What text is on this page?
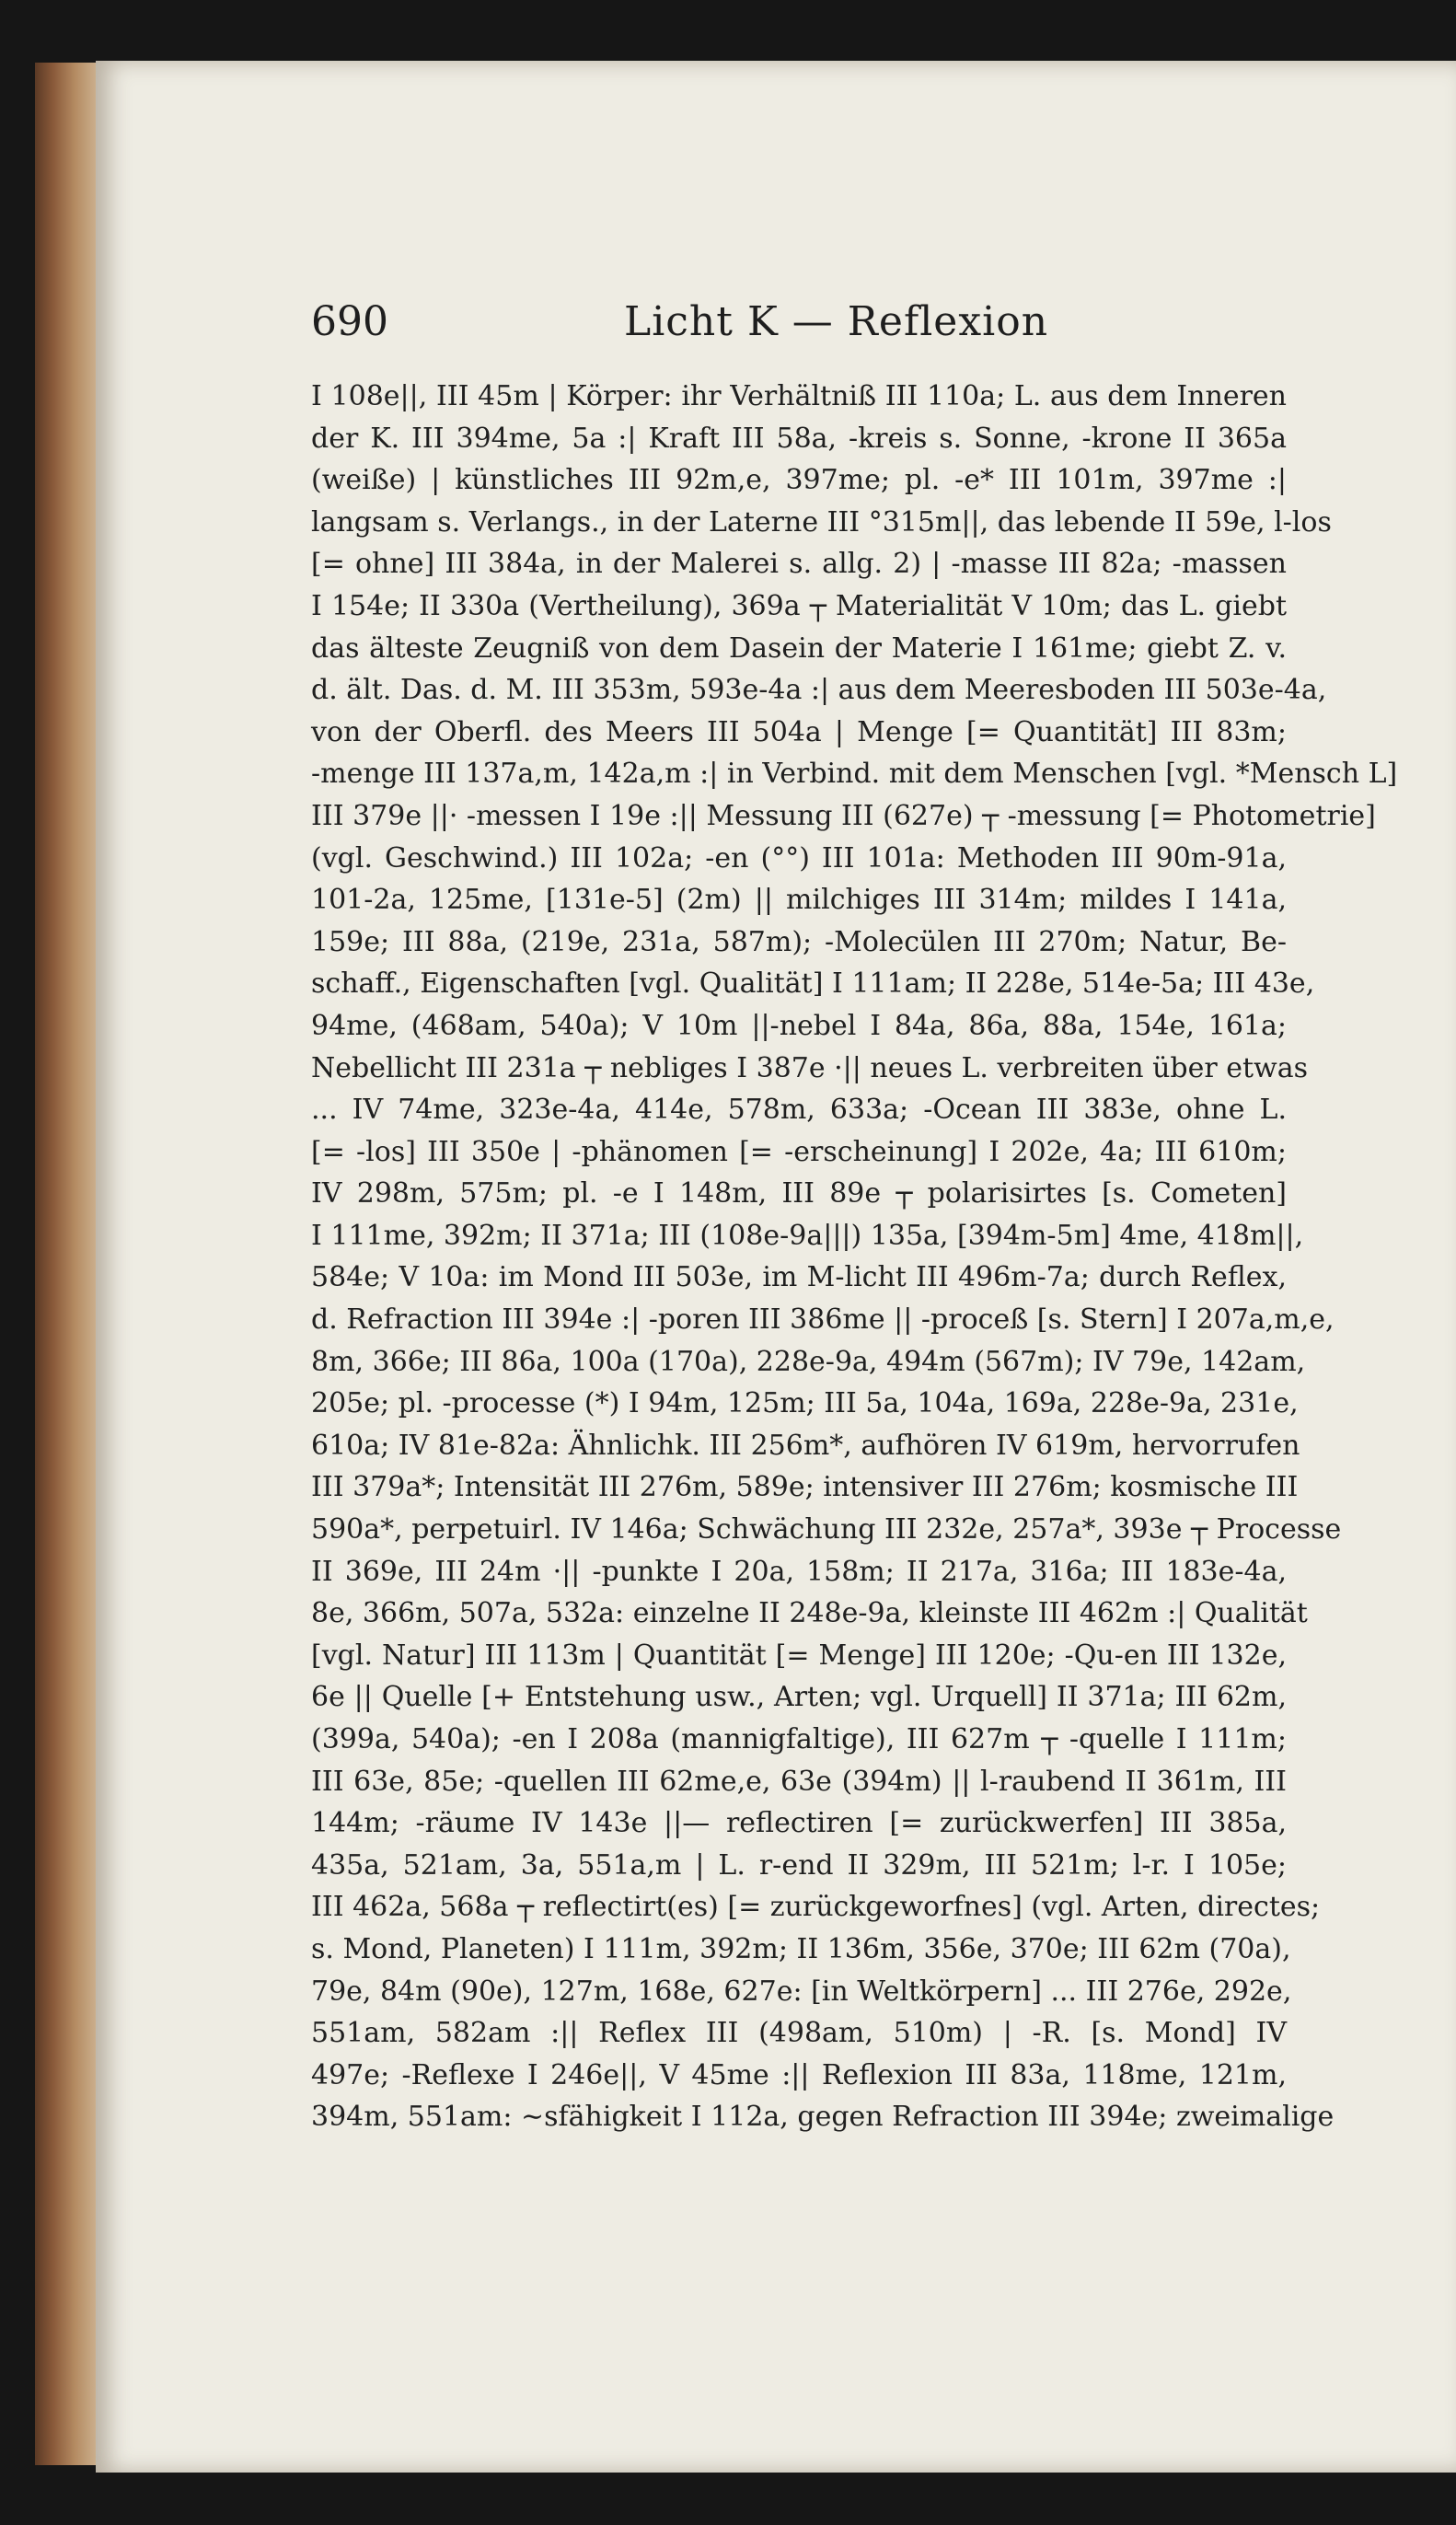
690	Licht K — Reflexion
I 108e||, III 45m | Körper: ihr Verhältniß III 110a; L. aus dem Inneren
der K. III 394me, 5a :| Kraft III 58a, -kreis s. Sonne, -krone II 365a
(weiße) | künstliches III 92m,e, 397me; pl. -e* III 101m, 397me :|
langsam s. Verlangs., in der Laterne III °315m||, das lebende II 59e, l-los
[= ohne] III 384a, in der Malerei s. allg. 2) | -masse III 82a; -massen
I 154e; II 330a (Vertheilung), 369a ┬ Materialität V 10m; das L. giebt
das älteste Zeugniß von dem Dasein der Materie I 161me; giebt Z. v.
d. ält. Das. d. M. III 353m, 593e-4a :| aus dem Meeresboden III 503e-4a,
von der Oberfl. des Meers III 504a | Menge [= Quantität] III 83m;
-menge III 137a,m, 142a,m :| in Verbind. mit dem Menschen [vgl. *Mensch L]
III 379e ||· -messen I 19e :|| Messung III (627e) ┬ -messung [= Photometrie]
(vgl. Geschwind.) III 102a; -en (°°) III 101a: Methoden III 90m-91a,
101-2a, 125me, [131e-5] (2m) || milchiges III 314m; mildes I 141a,
159e; III 88a, (219e, 231a, 587m); -Molecülen III 270m; Natur, Be-
schaff., Eigenschaften [vgl. Qualität] I 111am; II 228e, 514e-5a; III 43e,
94me, (468am, 540a); V 10m ||-nebel I 84a, 86a, 88a, 154e, 161a;
Nebellicht III 231a ┬ nebliges I 387e ·|| neues L. verbreiten über etwas
... IV 74me, 323e-4a, 414e, 578m, 633a; -Ocean III 383e, ohne L.
[= -los] III 350e | -phänomen [= -erscheinung] I 202e, 4a; III 610m;
IV 298m, 575m; pl. -e I 148m, III 89e ┬ polarisirtes [s. Cometen]
I 111me, 392m; II 371a; III (108e-9a|||) 135a, [394m-5m] 4me, 418m||,
584e; V 10a: im Mond III 503e, im M-licht III 496m-7a; durch Reflex,
d. Refraction III 394e :| -poren III 386me || -proceß [s. Stern] I 207a,m,e,
8m, 366e; III 86a, 100a (170a), 228e-9a, 494m (567m); IV 79e, 142am,
205e; pl. -processe (*) I 94m, 125m; III 5a, 104a, 169a, 228e-9a, 231e,
610a; IV 81e-82a: Ähnlichk. III 256m*, aufhören IV 619m, hervorrufen
III 379a*; Intensität III 276m, 589e; intensiver III 276m; kosmische III
590a*, perpetuirl. IV 146a; Schwächung III 232e, 257a*, 393e ┬ Processe
II 369e, III 24m ·|| -punkte I 20a, 158m; II 217a, 316a; III 183e-4a,
8e, 366m, 507a, 532a: einzelne II 248e-9a, kleinste III 462m :| Qualität
[vgl. Natur] III 113m | Quantität [= Menge] III 120e; -Qu-en III 132e,
6e || Quelle [+ Entstehung usw., Arten; vgl. Urquell] II 371a; III 62m,
(399a, 540a); -en I 208a (mannigfaltige), III 627m ┬ -quelle I 111m;
III 63e, 85e; -quellen III 62me,e, 63e (394m) || l-raubend II 361m, III
144m; -räume IV 143e ||— reflectiren [= zurückwerfen] III 385a,
435a, 521am, 3a, 551a,m | L. r-end II 329m, III 521m; l-r. I 105e;
III 462a, 568a ┬ reflectirt(es) [= zurückgeworfnes] (vgl. Arten, directes;
s. Mond, Planeten) I 111m, 392m; II 136m, 356e, 370e; III 62m (70a),
79e, 84m (90e), 127m, 168e, 627e: [in Weltkörpern] ... III 276e, 292e,
551am, 582am :|| Reflex III (498am, 510m) | -R. [s. Mond] IV
497e; -Reflexe I 246e||, V 45me :|| Reflexion III 83a, 118me, 121m,
394m, 551am: ∼sfähigkeit I 112a, gegen Refraction III 394e; zweimalige
